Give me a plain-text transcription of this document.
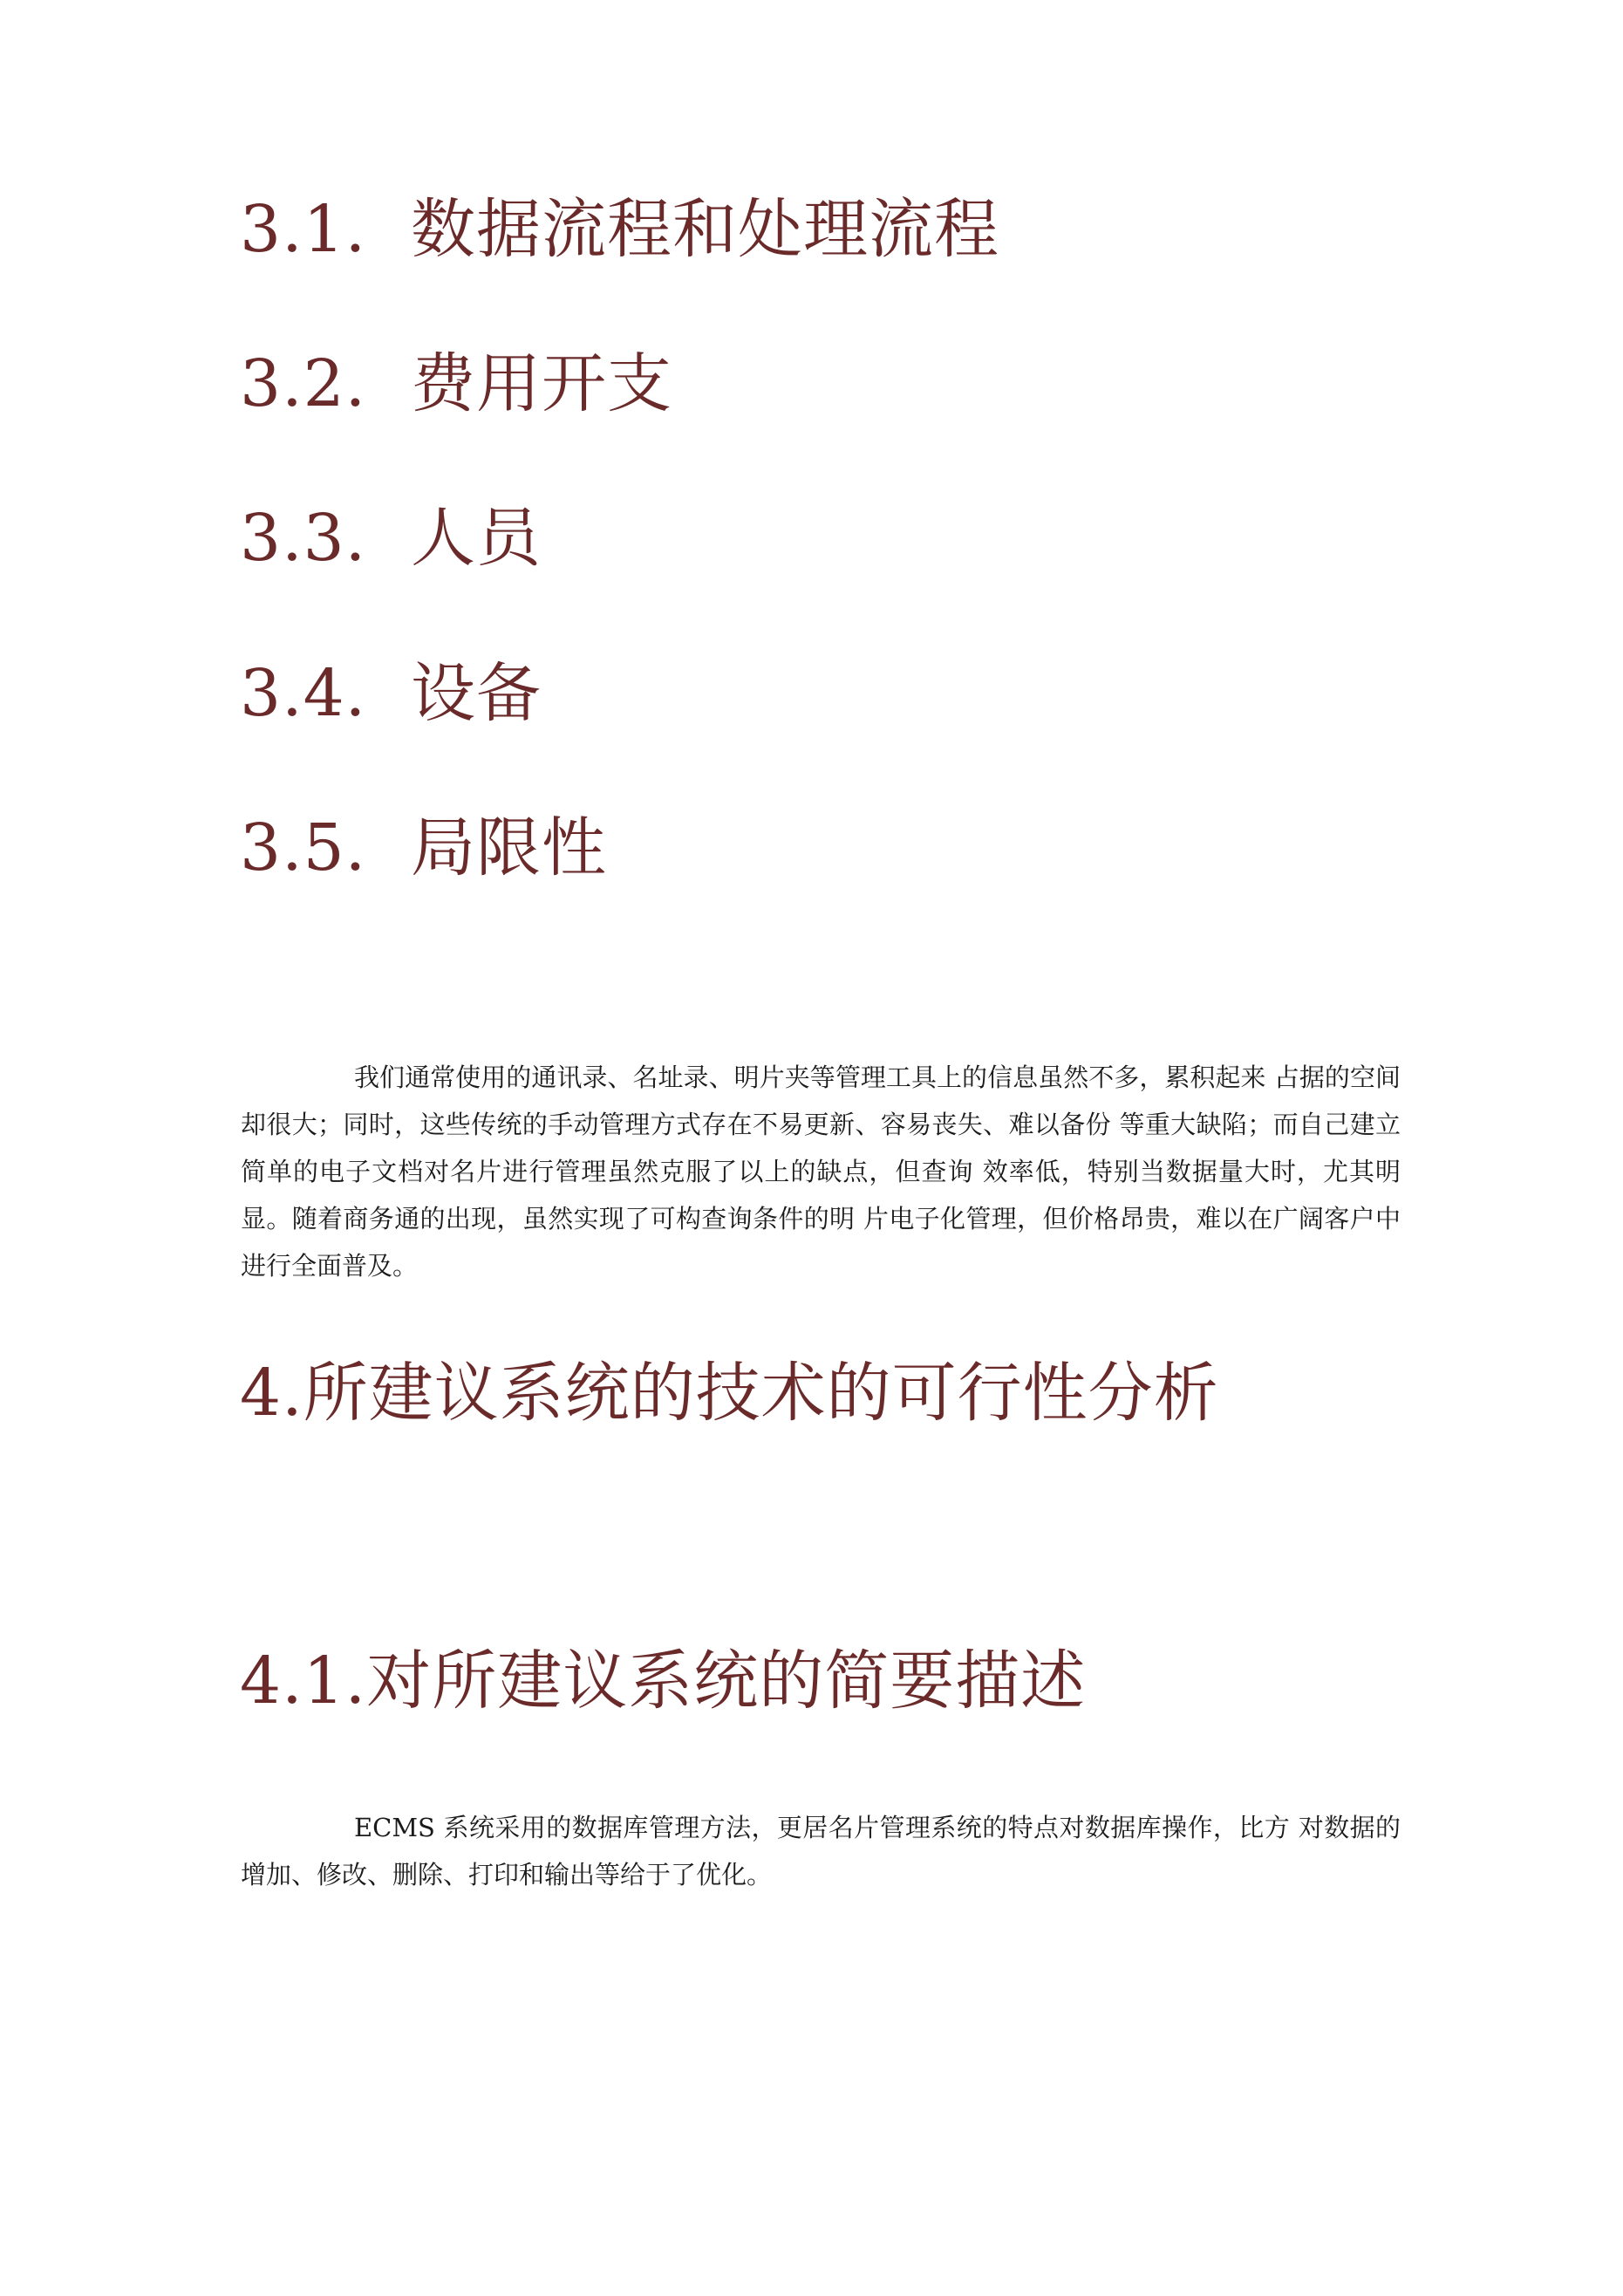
3.1. 数据流程和处理流程
3.2. 费用开支
3.3. 人员
3.4. 设备
3.5. 局限性

我们通常使用的通讯录、名址录、明片夹等管理工具上的信息虽然不多，累积起来 占据的空间却很大；同时，这些传统的手动管理方式存在不易更新、容易丧失、难以备份 等重大缺陷；而自己建立简单的电子文档对名片进行管理虽然克服了以上的缺点，但查询 效率低，特别当数据量大时，尤其明显。随着商务通的出现，虽然实现了可构查询条件的明 片电子化管理，但价格昂贵，难以在广阔客户中进行全面普及。

4.所建议系统的技术的可行性分析
4.1.对所建议系统的简要描述

ECMS 系统采用的数据库管理方法，更居名片管理系统的特点对数据库操作，比方 对数据的增加、修改、删除、打印和输出等给于了优化。
